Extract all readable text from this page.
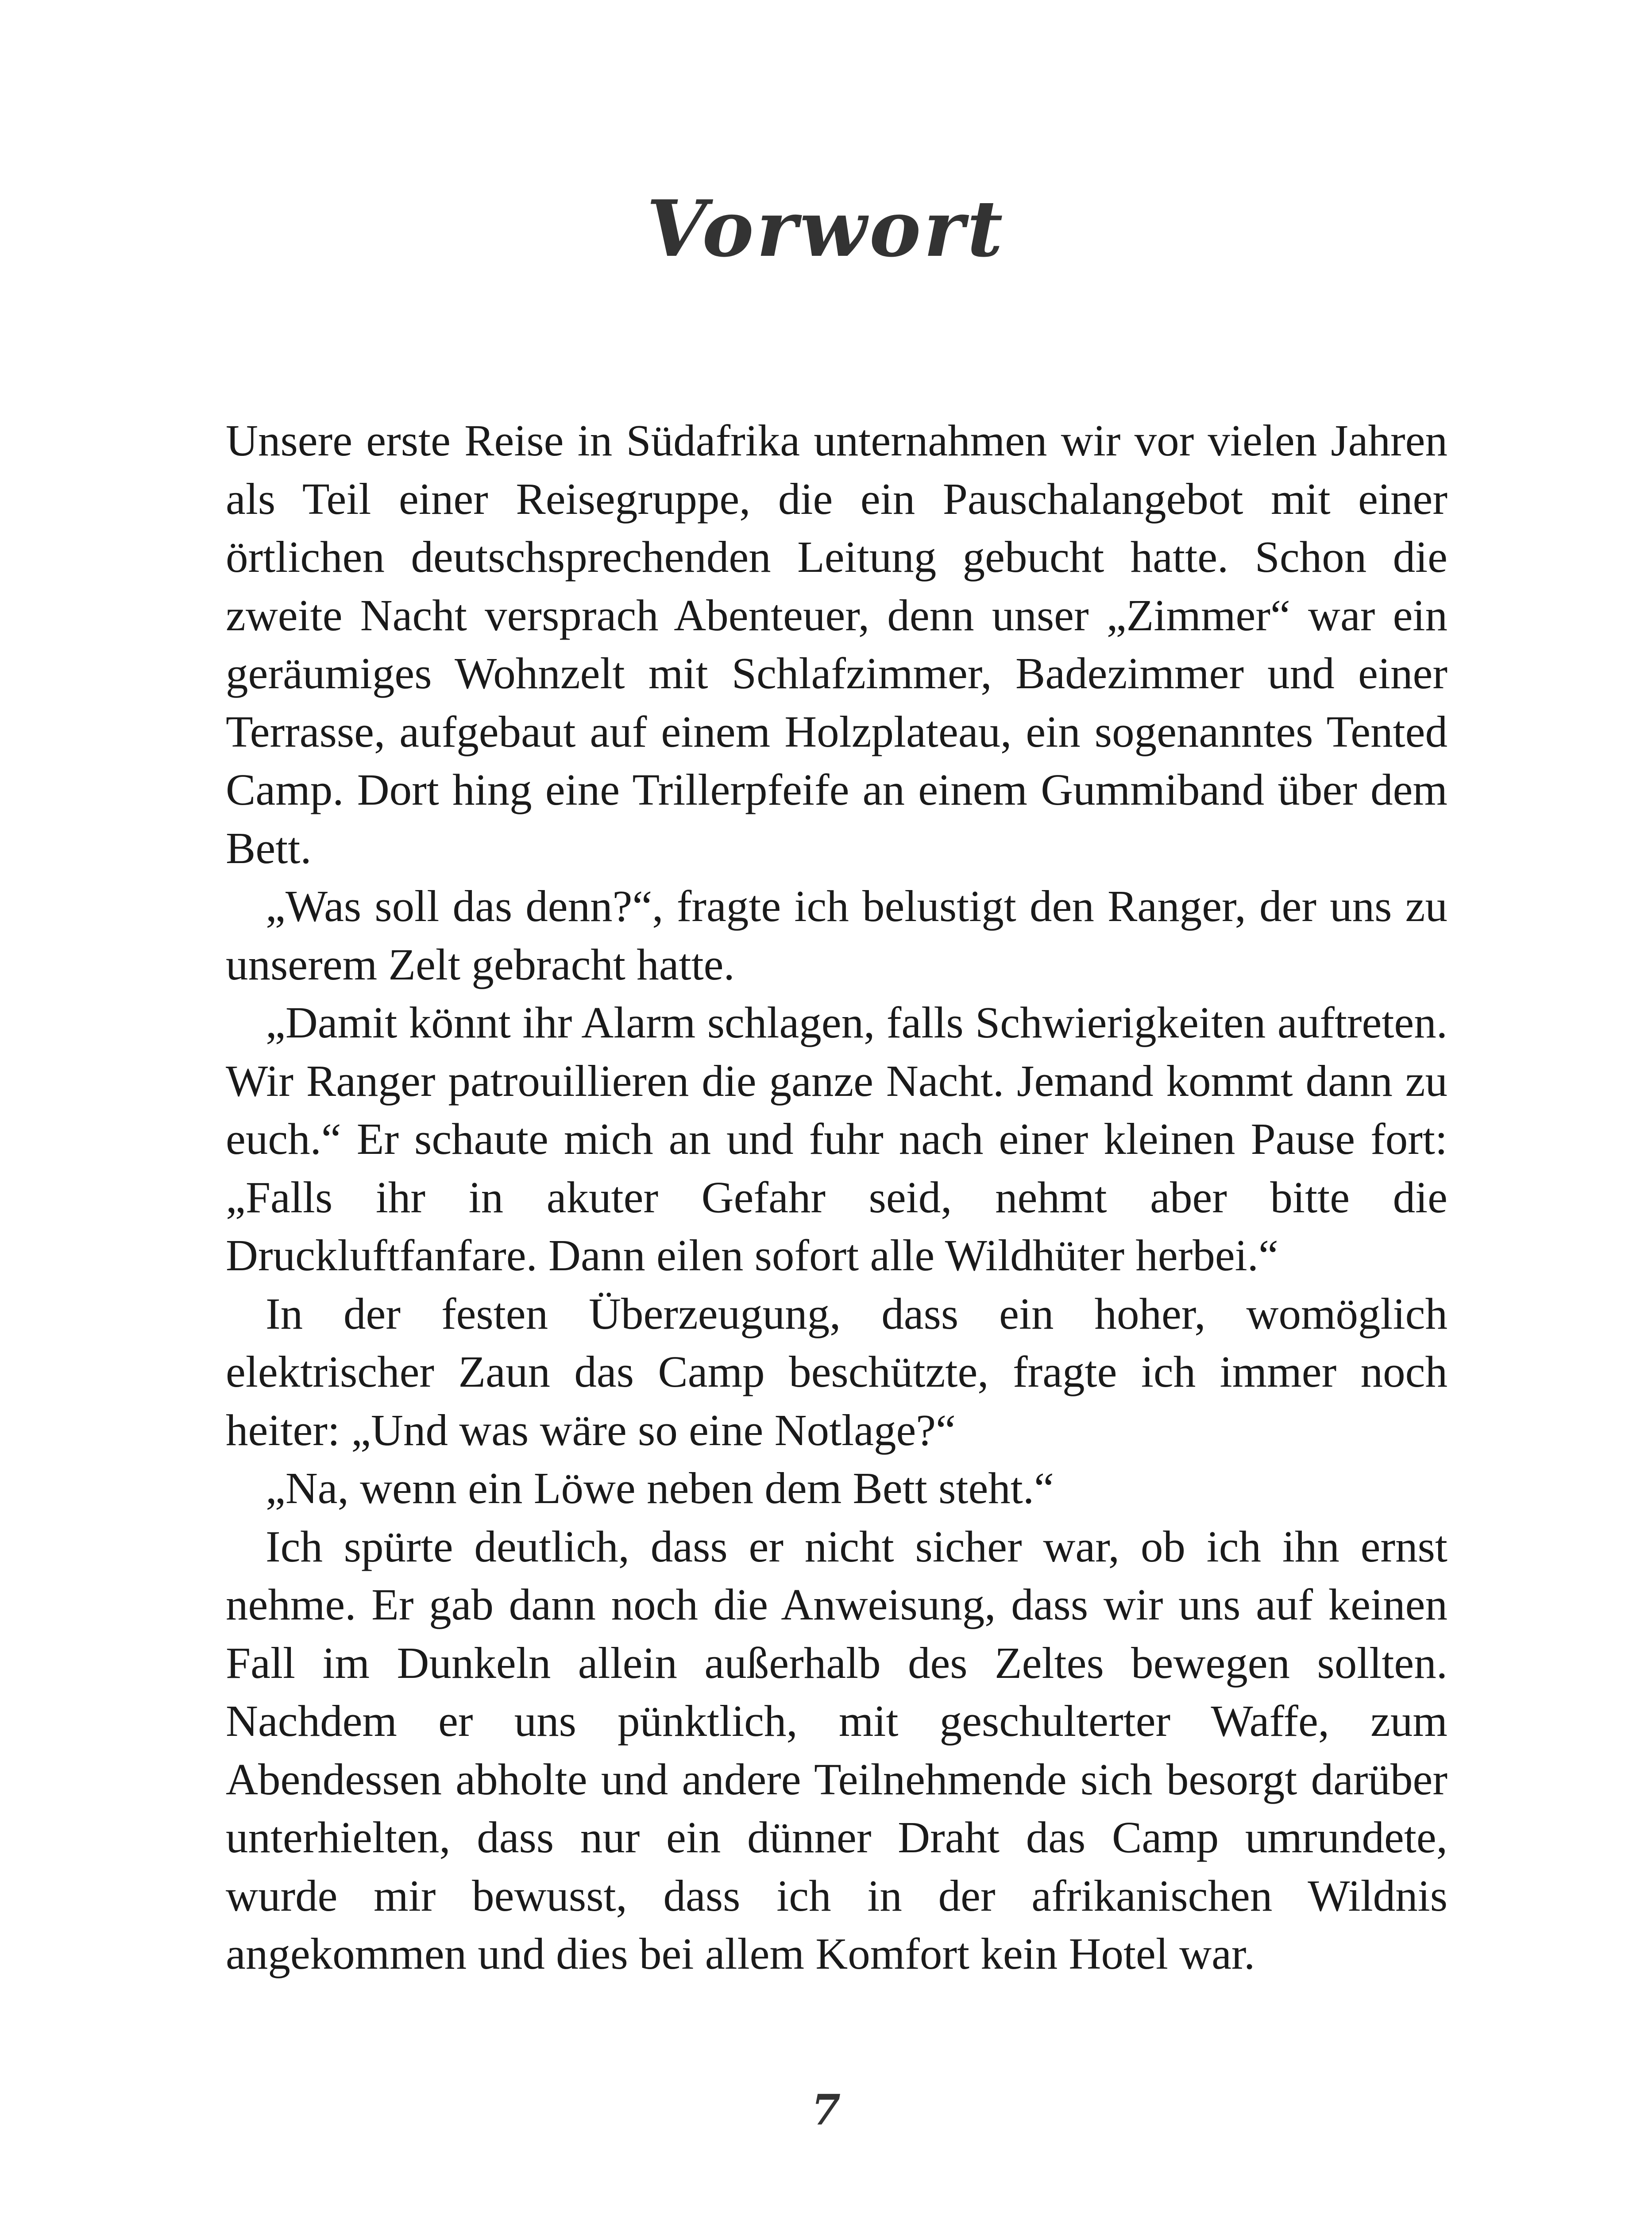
Vorwort

Unsere erste Reise in Südafrika unternahmen wir vor vielen Jahren als Teil einer Reisegruppe, die ein Pauschalangebot mit einer örtlichen deutschsprechenden Leitung gebucht hatte. Schon die zweite Nacht versprach Abenteuer, denn unser „Zimmer“ war ein geräumiges Wohnzelt mit Schlafzimmer, Badezimmer und einer Terrasse, aufgebaut auf einem Holzplateau, ein sogenanntes Tented Camp. Dort hing eine Trillerpfeife an einem Gummiband über dem Bett.

„Was soll das denn?“, fragte ich belustigt den Ranger, der uns zu unserem Zelt gebracht hatte.

„Damit könnt ihr Alarm schlagen, falls Schwierigkeiten auftreten. Wir Ranger patrouillieren die ganze Nacht. Jemand kommt dann zu euch.“ Er schaute mich an und fuhr nach einer kleinen Pause fort: „Falls ihr in akuter Gefahr seid, nehmt aber bitte die Druckluftfanfare. Dann eilen sofort alle Wildhüter herbei.“

In der festen Überzeugung, dass ein hoher, womöglich elektrischer Zaun das Camp beschützte, fragte ich immer noch heiter: „Und was wäre so eine Notlage?“

„Na, wenn ein Löwe neben dem Bett steht.“

Ich spürte deutlich, dass er nicht sicher war, ob ich ihn ernst nehme. Er gab dann noch die Anweisung, dass wir uns auf keinen Fall im Dunkeln allein außerhalb des Zeltes bewegen sollten. Nachdem er uns pünktlich, mit geschulterter Waffe, zum Abendessen abholte und andere Teilnehmende sich besorgt darüber unterhielten, dass nur ein dünner Draht das Camp umrundete, wurde mir bewusst, dass ich in der afrikanischen Wildnis angekommen und dies bei allem Komfort kein Hotel war.

7
